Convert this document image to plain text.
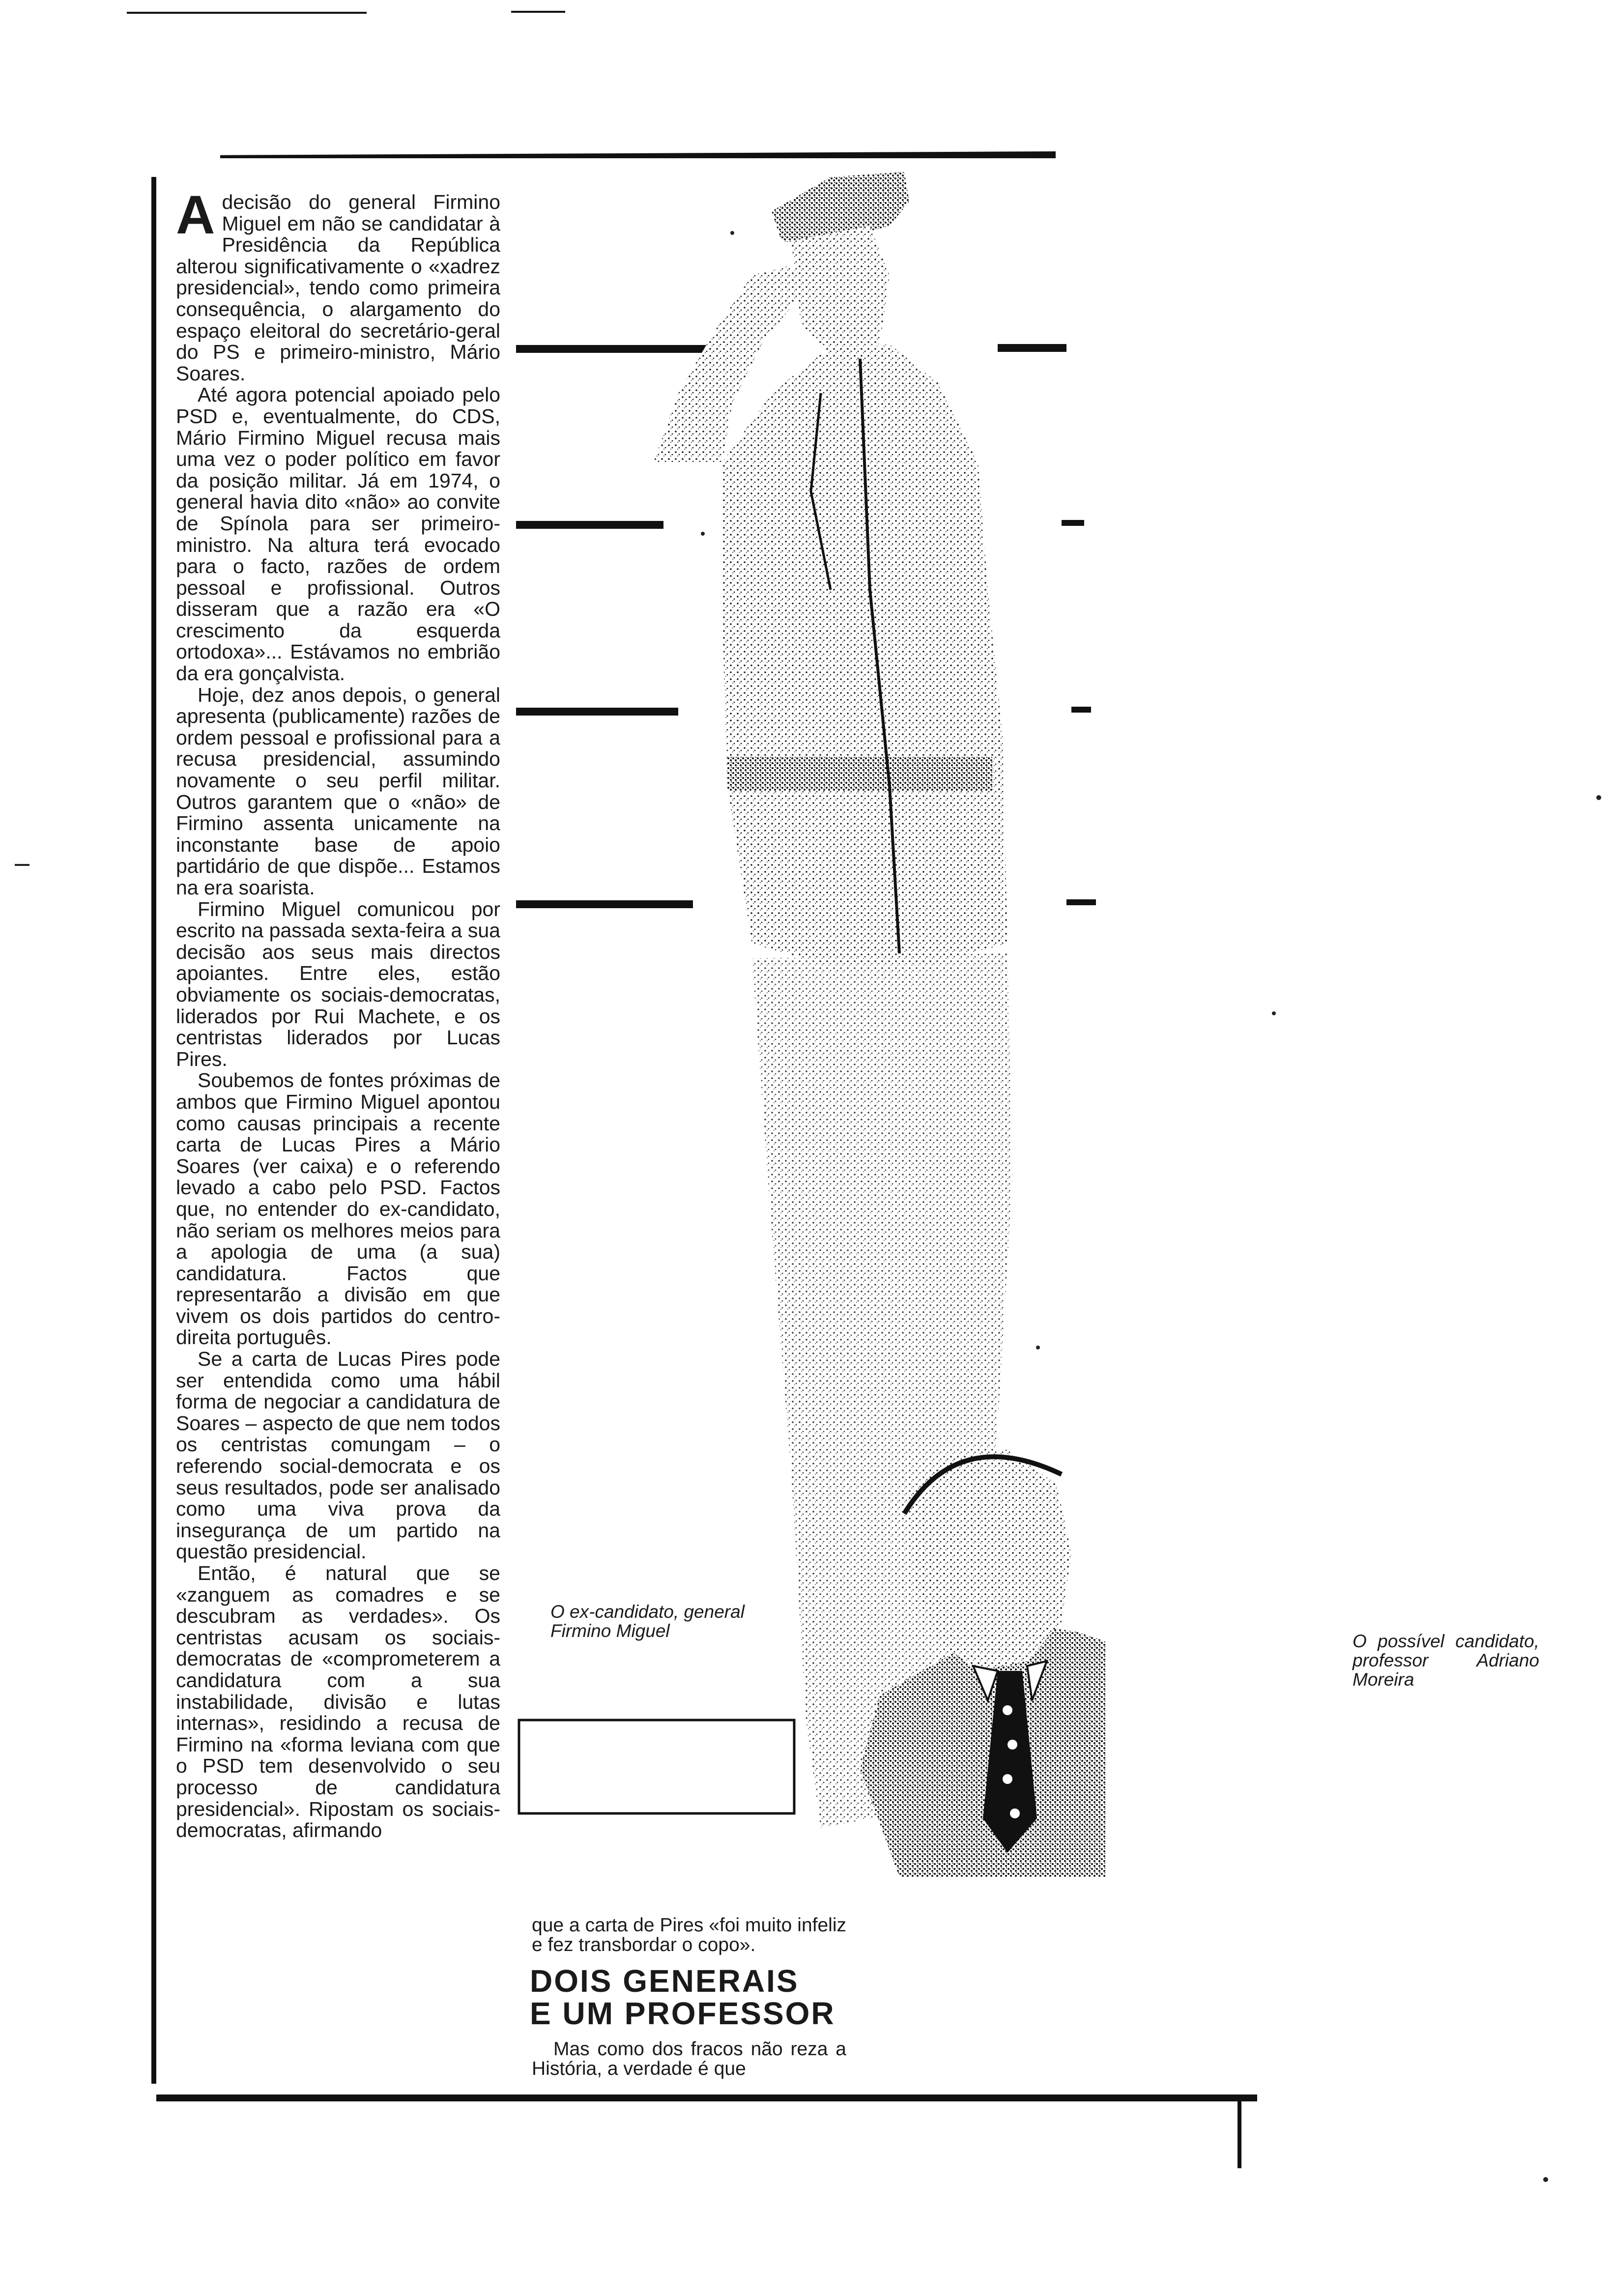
Adecisão do general Firmino Miguel em não se candidatar à Presidência da República alterou significativamente o «xadrez presidencial», tendo como primeira consequência, o alargamento do espaço eleitoral do secretário-geral do PS e primeiro-ministro, Mário Soares.

Até agora potencial apoiado pelo PSD e, eventualmente, do CDS, Mário Firmino Miguel recusa mais uma vez o poder político em favor da posição militar. Já em 1974, o general havia dito «não» ao convite de Spínola para ser primeiro-ministro. Na altura terá evocado para o facto, razões de ordem pessoal e profissional. Outros disseram que a razão era «O crescimento da esquerda ortodoxa»... Estávamos no embrião da era gonçalvista.

Hoje, dez anos depois, o general apresenta (publicamente) razões de ordem pessoal e profissional para a recusa presidencial, assumindo novamente o seu perfil militar. Outros garantem que o «não» de Firmino assenta unicamente na inconstante base de apoio partidário de que dispõe... Estamos na era soarista.

Firmino Miguel comunicou por escrito na passada sexta-feira a sua decisão aos seus mais directos apoiantes. Entre eles, estão obviamente os sociais-democratas, liderados por Rui Machete, e os centristas liderados por Lucas Pires.

Soubemos de fontes próximas de ambos que Firmino Miguel apontou como causas principais a recente carta de Lucas Pires a Mário Soares (ver caixa) e o referendo levado a cabo pelo PSD. Factos que, no entender do ex-candidato, não seriam os melhores meios para a apologia de uma (a sua) candidatura. Factos que representarão a divisão em que vivem os dois partidos do centro-direita português.

Se a carta de Lucas Pires pode ser entendida como uma hábil forma de negociar a candidatura de Soares – aspecto de que nem todos os centristas comungam – o referendo social-democrata e os seus resultados, pode ser analisado como uma viva prova da insegurança de um partido na questão presidencial.

Então, é natural que se «zanguem as comadres e se descubram as verdades». Os centristas acusam os sociais-democratas de «comprometerem a candidatura com a sua instabilidade, divisão e lutas internas», residindo a recusa de Firmino na «forma leviana com que o PSD tem desenvolvido o seu processo de candidatura presidencial». Ripostam os sociais-democratas, afirmando

O ex-candidato, general Firmino Miguel
O possível candidato, professor Adriano Moreira
que a carta de Pires «foi muito infeliz e fez transbordar o copo».
DOIS GENERAIS
E UM PROFESSOR
Mas como dos fracos não reza a História, a verdade é que
